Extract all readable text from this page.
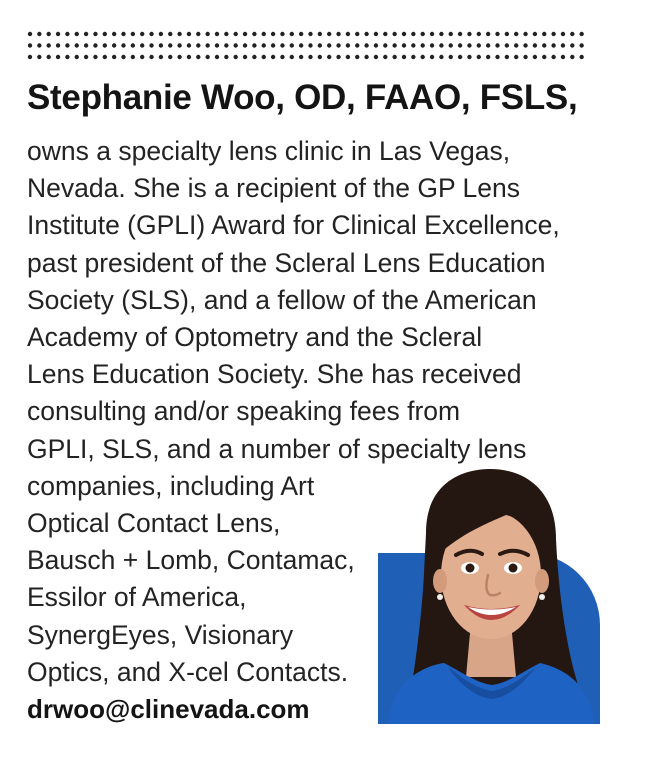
Stephanie Woo, OD, FAAO, FSLS,

owns a specialty lens clinic in Las Vegas,
Nevada. She is a recipient of the GP Lens
Institute (GPLI) Award for Clinical Excellence,
past president of the Scleral Lens Education
Society (SLS), and a fellow of the American
Academy of Optometry and the Scleral
Lens Education Society. She has received
consulting and/or speaking fees from
GPLI, SLS, and a number of specialty lens
companies, including Art
Optical Contact Lens,
Bausch + Lomb, Contamac,
Essilor of America,
SynergEyes, Visionary
Optics, and X-cel Contacts.

drwoo@clinevada.com
